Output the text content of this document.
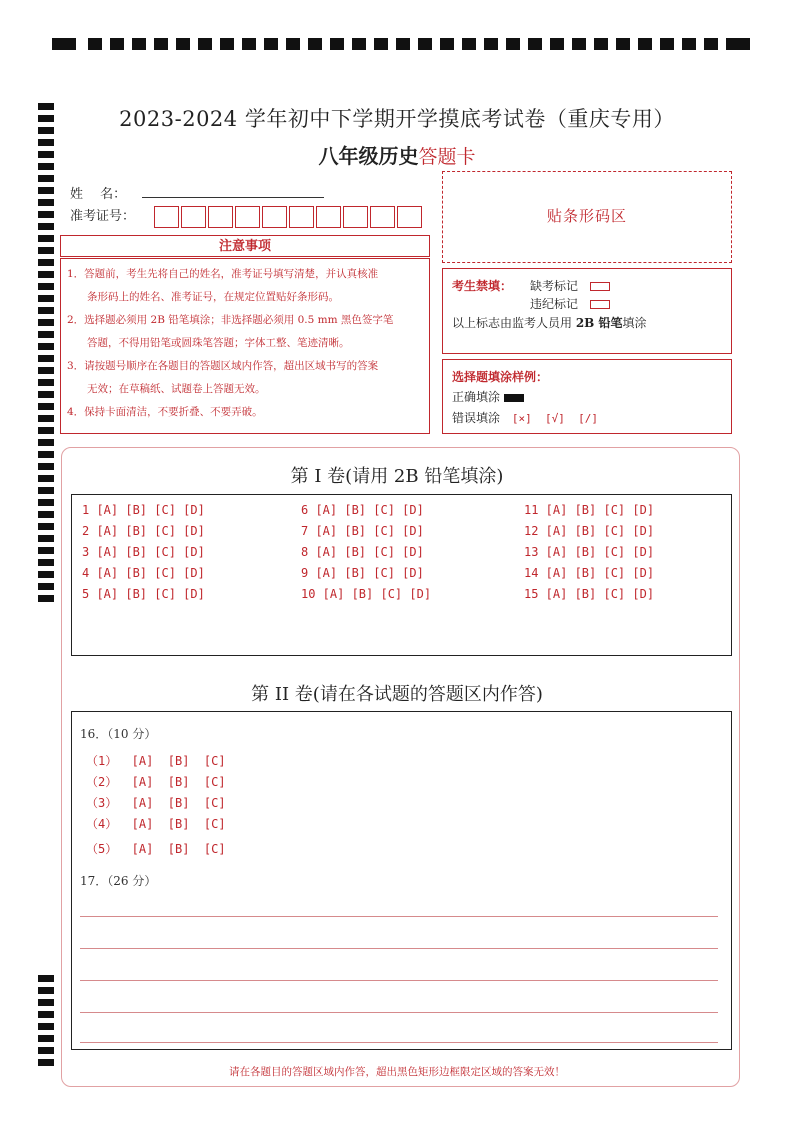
2023-2024 学年初中下学期开学摸底考试卷（重庆专用）
八年级历史答题卡
姓　 名：
准考证号：
注意事项

1．答题前，考生先将自己的姓名，准考证号填写清楚，并认真核准

条形码上的姓名、准考证号，在规定位置贴好条形码。

2．选择题必须用 2B 铅笔填涂；非选择题必须用 0.5 mm 黑色签字笔

答题，不得用铅笔或圆珠笔答题；字体工整、笔迹清晰。

3．请按题号顺序在各题目的答题区域内作答，超出区域书写的答案

无效；在草稿纸、试题卷上答题无效。

4．保持卡面清洁，不要折叠、不要弄破。

贴条形码区
考生禁填： 缺考标记
违纪标记
以上标志由监考人员用 2B 铅笔填涂
选择题填涂样例：
正确填涂
错误填涂 [×]  [√]  [/]
第 I 卷(请用 2B 铅笔填涂)
1 [A] [B] [C] [D]
2 [A] [B] [C] [D]
3 [A] [B] [C] [D]
4 [A] [B] [C] [D]
5 [A] [B] [C] [D]
6 [A] [B] [C] [D]
7 [A] [B] [C] [D]
8 [A] [B] [C] [D]
9 [A] [B] [C] [D]
10 [A] [B] [C] [D]
11 [A] [B] [C] [D]
12 [A] [B] [C] [D]
13 [A] [B] [C] [D]
14 [A] [B] [C] [D]
15 [A] [B] [C] [D]
第 II 卷(请在各试题的答题区内作答)
16．（10 分）
（1）  [A]  [B]  [C]
（2）  [A]  [B]  [C]
（3）  [A]  [B]  [C]
（4）  [A]  [B]  [C]
（5）  [A]  [B]  [C]
17．（26 分）
请在各题目的答题区域内作答，超出黑色矩形边框限定区域的答案无效！
